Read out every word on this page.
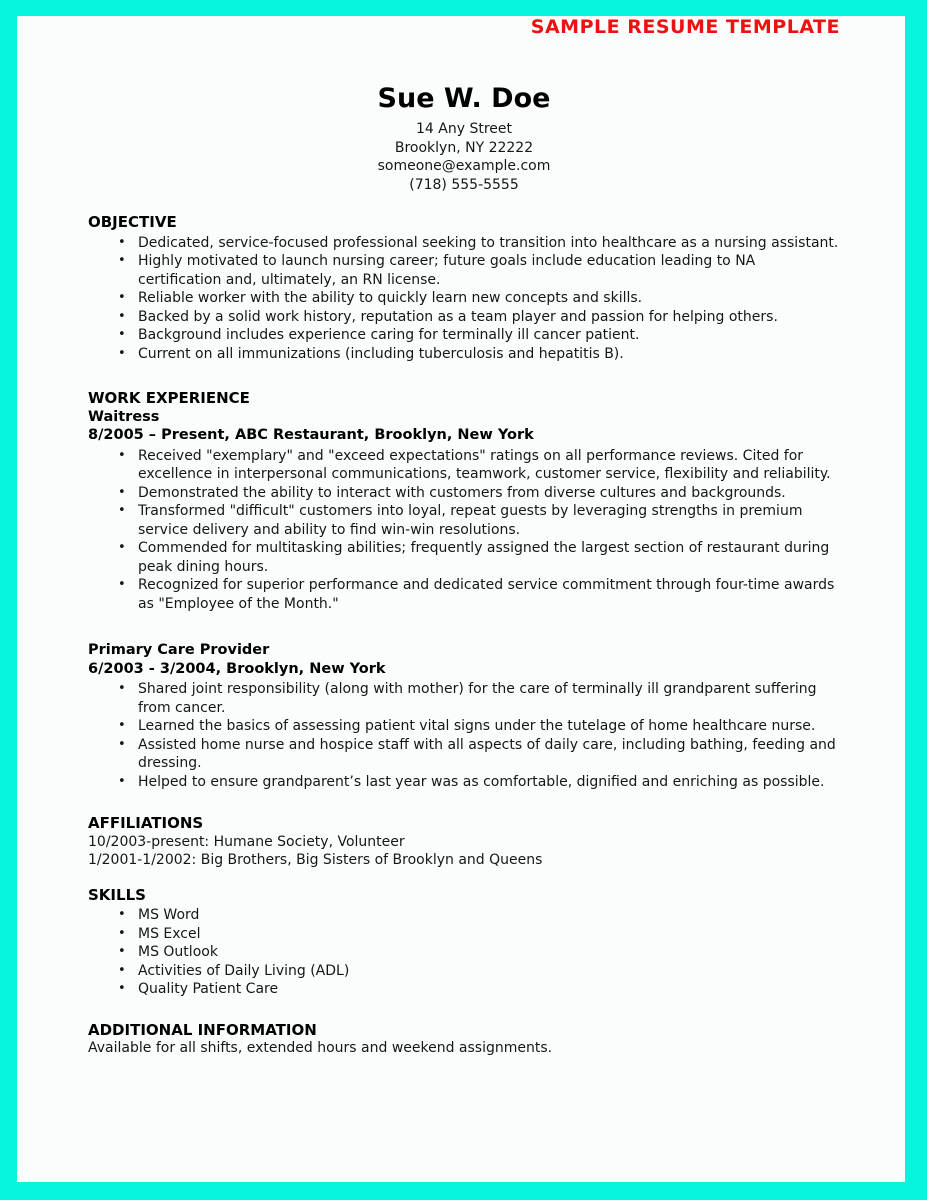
SAMPLE RESUME TEMPLATE
Sue W. Doe
14 Any Street
Brooklyn, NY 22222
someone@example.com
(718) 555-5555
OBJECTIVE
• Dedicated, service-focused professional seeking to transition into healthcare as a nursing assistant.
• Highly motivated to launch nursing career; future goals include education leading to NA certification and, ultimately, an RN license.
• Reliable worker with the ability to quickly learn new concepts and skills.
• Backed by a solid work history, reputation as a team player and passion for helping others.
• Background includes experience caring for terminally ill cancer patient.
• Current on all immunizations (including tuberculosis and hepatitis B).
WORK EXPERIENCE
Waitress
8/2005 – Present, ABC Restaurant, Brooklyn, New York
• Received "exemplary" and "exceed expectations" ratings on all performance reviews. Cited for excellence in interpersonal communications, teamwork, customer service, flexibility and reliability.
• Demonstrated the ability to interact with customers from diverse cultures and backgrounds.
• Transformed "difficult" customers into loyal, repeat guests by leveraging strengths in premium service delivery and ability to find win-win resolutions.
• Commended for multitasking abilities; frequently assigned the largest section of restaurant during peak dining hours.
• Recognized for superior performance and dedicated service commitment through four-time awards as "Employee of the Month."
Primary Care Provider
6/2003 - 3/2004, Brooklyn, New York
• Shared joint responsibility (along with mother) for the care of terminally ill grandparent suffering from cancer.
• Learned the basics of assessing patient vital signs under the tutelage of home healthcare nurse.
• Assisted home nurse and hospice staff with all aspects of daily care, including bathing, feeding and dressing.
• Helped to ensure grandparent’s last year was as comfortable, dignified and enriching as possible.
AFFILIATIONS

10/2003-present: Humane Society, Volunteer

1/2001-1/2002: Big Brothers, Big Sisters of Brooklyn and Queens

SKILLS
• MS Word
• MS Excel
• MS Outlook
• Activities of Daily Living (ADL)
• Quality Patient Care
ADDITIONAL INFORMATION

Available for all shifts, extended hours and weekend assignments.
